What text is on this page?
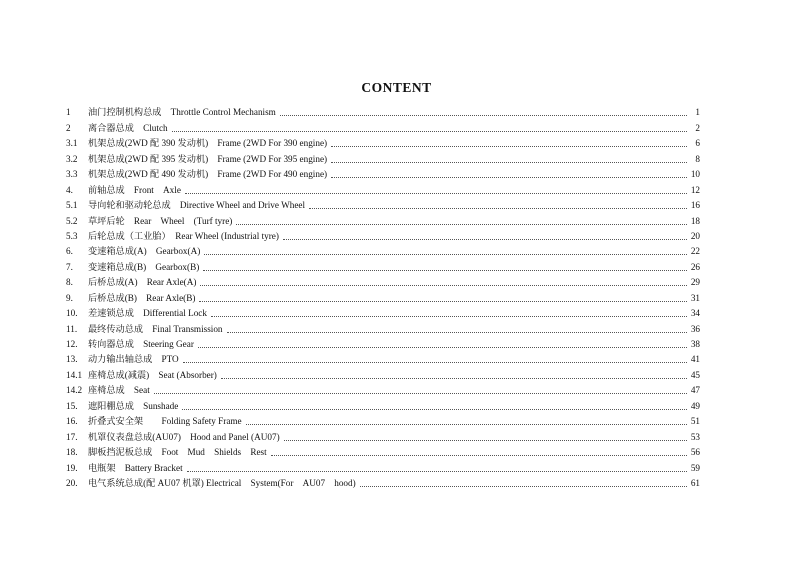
CONTENT
1	油门控制机构总成　Throttle Control Mechanism	1
2	离合器总成　Clutch	2
3.1	机架总成(2WD 配 390 发动机)　Frame (2WD For 390 engine)	6
3.2	机架总成(2WD 配 395 发动机)　Frame (2WD For 395 engine)	8
3.3	机架总成(2WD 配 490 发动机)　Frame (2WD For 490 engine)	10
4.	前轴总成　Front　Axle	12
5.1	导向轮和驱动轮总成　Directive Wheel and Drive Wheel	16
5.2	草坪后轮　Rear　Wheel　(Turf tyre)	18
5.3	后轮总成（工业胎）　Rear Wheel (Industrial tyre)	20
6.	变速箱总成(A)　Gearbox(A)	22
7.	变速箱总成(B)　Gearbox(B)	26
8.	后桥总成(A)　Rear Axle(A)	29
9.	后桥总成(B)　Rear Axle(B)	31
10.	差速锁总成　Differential Lock	34
11.	最终传动总成　Final Transmission	36
12.	转向器总成　Steering Gear	38
13.	动力输出轴总成　PTO	41
14.1 座椅总成(减震)　Seat (Absorber)	45
14.2 座椅总成　Seat	47
15.	遮阳棚总成　Sunshade	49
16.	折叠式安全架　　Folding Safety Frame	51
17.	机罩仪表盘总成(AU07)　Hood and Panel (AU07)	53
18.	脚板挡泥板总成　Foot　Mud　Shields　Rest	56
19.	电瓶架　Battery Bracket	59
20.	电气系统总成(配 AU07 机罩) Electrical　System(For　AU07　hood)	61
